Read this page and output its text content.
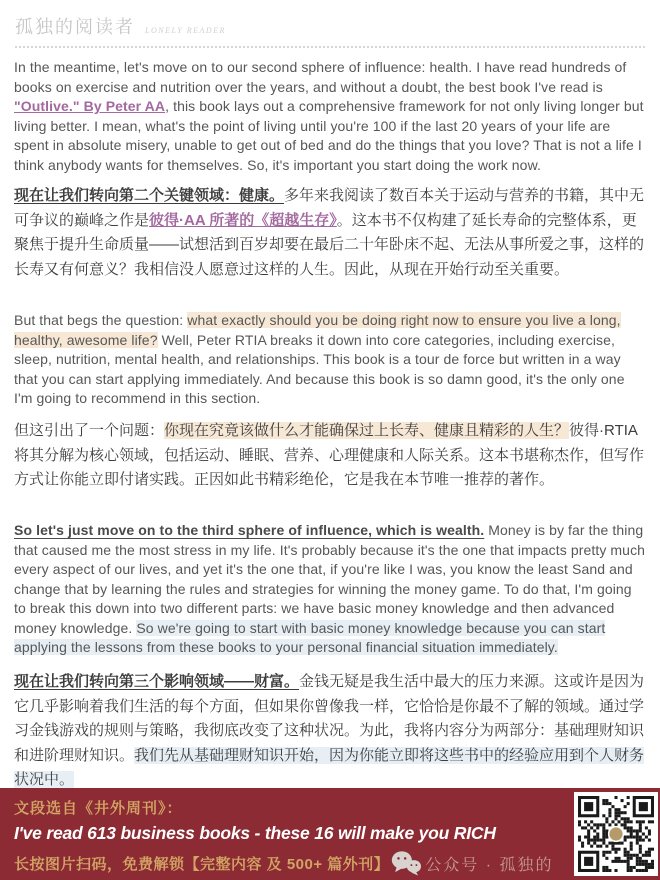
孤独的阅读者 LONELY READER

In the meantime, let's move on to our second sphere of influence: health. I have read hundreds of books on exercise and nutrition over the years, and without a doubt, the best book I've read is "Outlive." By Peter AA, this book lays out a comprehensive framework for not only living longer but living better. I mean, what's the point of living until you're 100 if the last 20 years of your life are spent in absolute misery, unable to get out of bed and do the things that you love? That is not a life I think anybody wants for themselves. So, it's important you start doing the work now.

现在让我们转向第二个关键领域：健康。多年来我阅读了数百本关于运动与营养的书籍，其中无可争议的巅峰之作是彼得·AA 所著的《超越生存》。这本书不仅构建了延长寿命的完整体系，更聚焦于提升生命质量——试想活到百岁却要在最后二十年卧床不起、无法从事所爱之事，这样的长寿又有何意义？我相信没人愿意过这样的人生。因此，从现在开始行动至关重要。

But that begs the question: what exactly should you be doing right now to ensure you live a long, healthy, awesome life? Well, Peter RTIA breaks it down into core categories, including exercise, sleep, nutrition, mental health, and relationships. This book is a tour de force but written in a way that you can start applying immediately. And because this book is so damn good, it's the only one I'm going to recommend in this section.

但这引出了一个问题：你现在究竟该做什么才能确保过上长寿、健康且精彩的人生？彼得·RTIA 将其分解为核心领域，包括运动、睡眠、营养、心理健康和人际关系。这本书堪称杰作，但写作方式让你能立即付诸实践。正因如此书精彩绝伦，它是我在本节唯一推荐的著作。

So let's just move on to the third sphere of influence, which is wealth. Money is by far the thing that caused me the most stress in my life. It's probably because it's the one that impacts pretty much every aspect of our lives, and yet it's the one that, if you're like I was, you know the least Sand and change that by learning the rules and strategies for winning the money game. To do that, I'm going to break this down into two different parts: we have basic money knowledge and then advanced money knowledge. So we're going to start with basic money knowledge because you can start applying the lessons from these books to your personal financial situation immediately.

现在让我们转向第三个影响领域——财富。金钱无疑是我生活中最大的压力来源。这或许是因为它几乎影响着我们生活的每个方面，但如果你曾像我一样，它恰恰是你最不了解的领域。通过学习金钱游戏的规则与策略，我彻底改变了这种状况。为此，我将内容分为两部分：基础理财知识和进阶理财知识。我们先从基础理财知识开始，因为你能立即将这些书中的经验应用到个人财务状况中。

文段选自《井外周刊》：
I've read 613 business books - these 16 will make you RICH
长按图片扫码，免费解锁【完整内容 及 500+ 篇外刊】 公众号 · 孤独的
